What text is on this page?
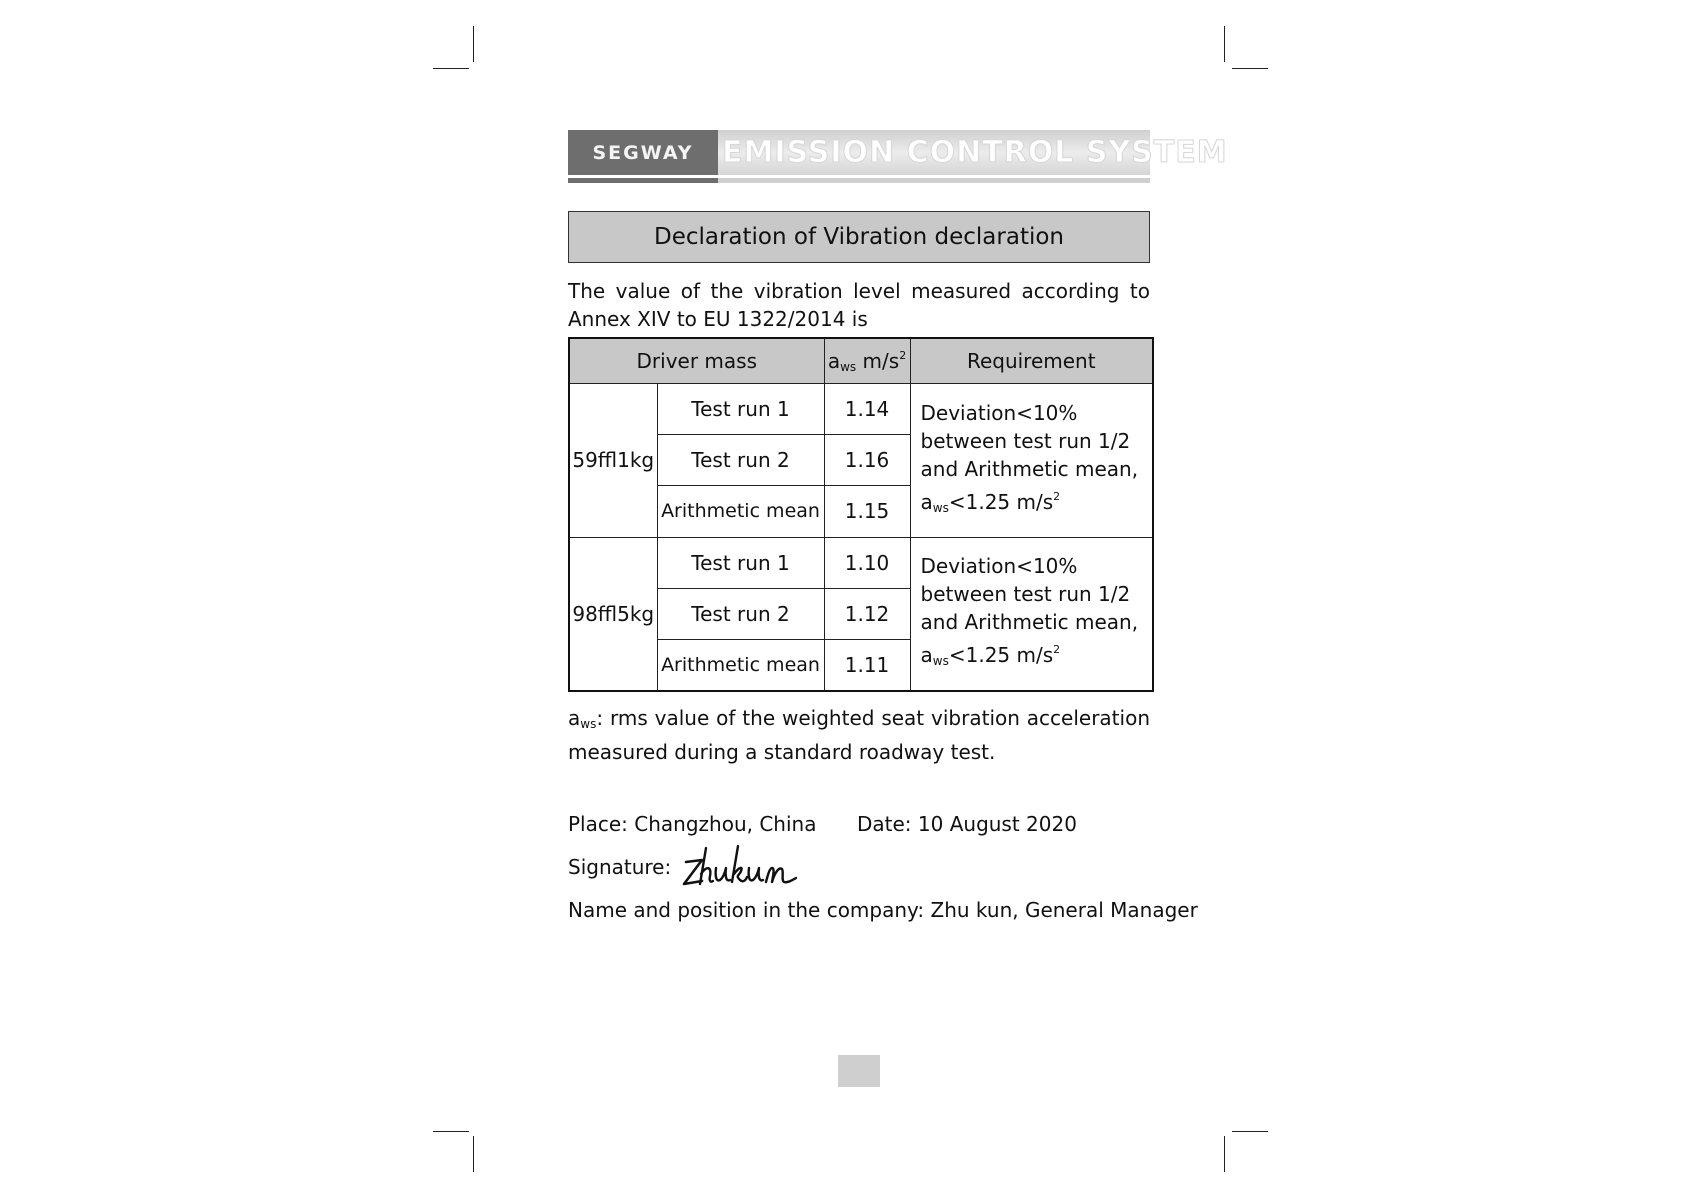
SEGWAY EMISSION CONTROL SYSTEM
Declaration of Vibration declaration
The value of the vibration level measured according to Annex XIV to EU 1322/2014 is
Driver mass		$a_{ws}$ $m/s^2$	Requirement
59ffl1kg	Test run 1	1.14	Deviation<10%
between test run 1/2
and Arithmetic mean,
$a_{ws}<1.25$ $m/s^2$

	Test run 2	1.16	
	Arithmetic mean	1.15	
98ffl5kg	Test run 1	1.10	Deviation<10%
between test run 1/2
and Arithmetic mean,
$a_{ws}<1.25$ $m/s^2$

	Test run 2	1.12	
	Arithmetic mean	1.11	
$a_{ws}$: rms value of the weighted seat vibration acceleration measured during a standard roadway test.
Place: Changzhou, China Date: 10 August 2020
Signature:
Name and position in the company: Zhu kun, General Manager
